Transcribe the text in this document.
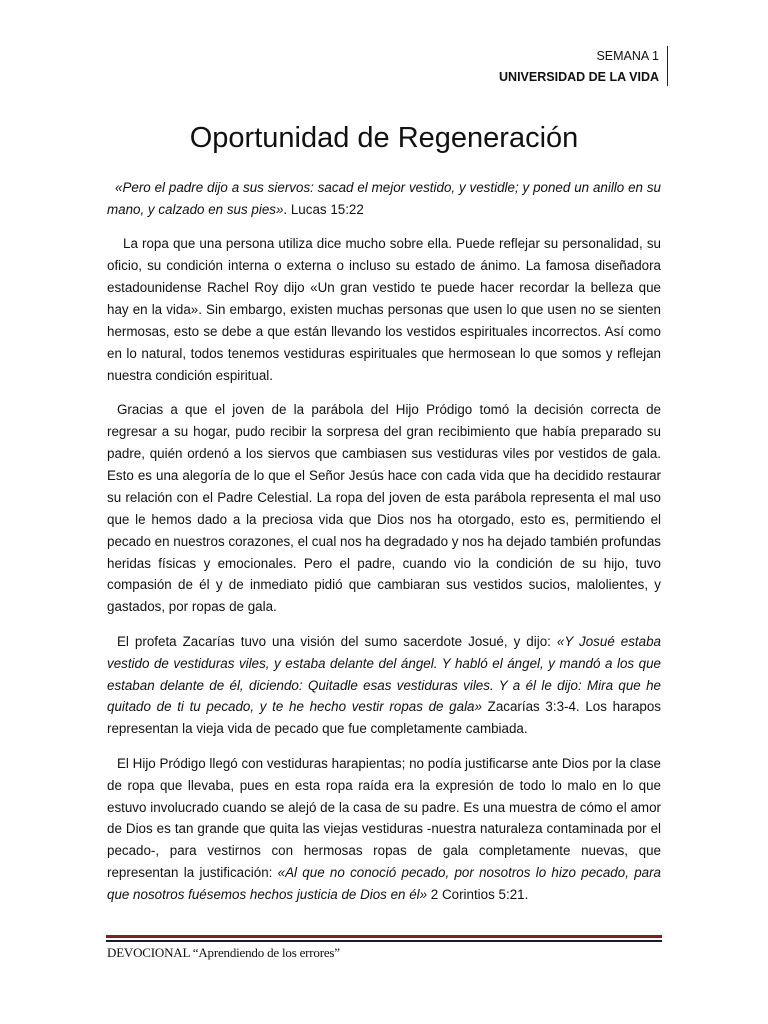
SEMANA 1
UNIVERSIDAD DE LA VIDA
Oportunidad de Regeneración

«Pero el padre dijo a sus siervos: sacad el mejor vestido, y vestidle; y poned un anillo en su mano, y calzado en sus pies». Lucas 15:22

La ropa que una persona utiliza dice mucho sobre ella. Puede reflejar su personalidad, su oficio, su condición interna o externa o incluso su estado de ánimo. La famosa diseñadora estadounidense Rachel Roy dijo «Un gran vestido te puede hacer recordar la belleza que hay en la vida». Sin embargo, existen muchas personas que usen lo que usen no se sienten hermosas, esto se debe a que están llevando los vestidos espirituales incorrectos. Así como en lo natural, todos tenemos vestiduras espirituales que hermosean lo que somos y reflejan nuestra condición espiritual.

Gracias a que el joven de la parábola del Hijo Pródigo tomó la decisión correcta de regresar a su hogar, pudo recibir la sorpresa del gran recibimiento que había preparado su padre, quién ordenó a los siervos que cambiasen sus vestiduras viles por vestidos de gala. Esto es una alegoría de lo que el Señor Jesús hace con cada vida que ha decidido restaurar su relación con el Padre Celestial. La ropa del joven de esta parábola representa el mal uso que le hemos dado a la preciosa vida que Dios nos ha otorgado, esto es, permitiendo el pecado en nuestros corazones, el cual nos ha degradado y nos ha dejado también profundas heridas físicas y emocionales. Pero el padre, cuando vio la condición de su hijo, tuvo compasión de él y de inmediato pidió que cambiaran sus vestidos sucios, malolientes, y gastados, por ropas de gala.

El profeta Zacarías tuvo una visión del sumo sacerdote Josué, y dijo: «Y Josué estaba vestido de vestiduras viles, y estaba delante del ángel. Y habló el ángel, y mandó a los que estaban delante de él, diciendo: Quitadle esas vestiduras viles. Y a él le dijo: Mira que he quitado de ti tu pecado, y te he hecho vestir ropas de gala» Zacarías 3:3-4. Los harapos representan la vieja vida de pecado que fue completamente cambiada.

El Hijo Pródigo llegó con vestiduras harapientas; no podía justificarse ante Dios por la clase de ropa que llevaba, pues en esta ropa raída era la expresión de todo lo malo en lo que estuvo involucrado cuando se alejó de la casa de su padre. Es una muestra de cómo el amor de Dios es tan grande que quita las viejas vestiduras -nuestra naturaleza contaminada por el pecado-, para vestirnos con hermosas ropas de gala completamente nuevas, que representan la justificación: «Al que no conoció pecado, por nosotros lo hizo pecado, para que nosotros fuésemos hechos justicia de Dios en él» 2 Corintios 5:21.

DEVOCIONAL “Aprendiendo de los errores”
